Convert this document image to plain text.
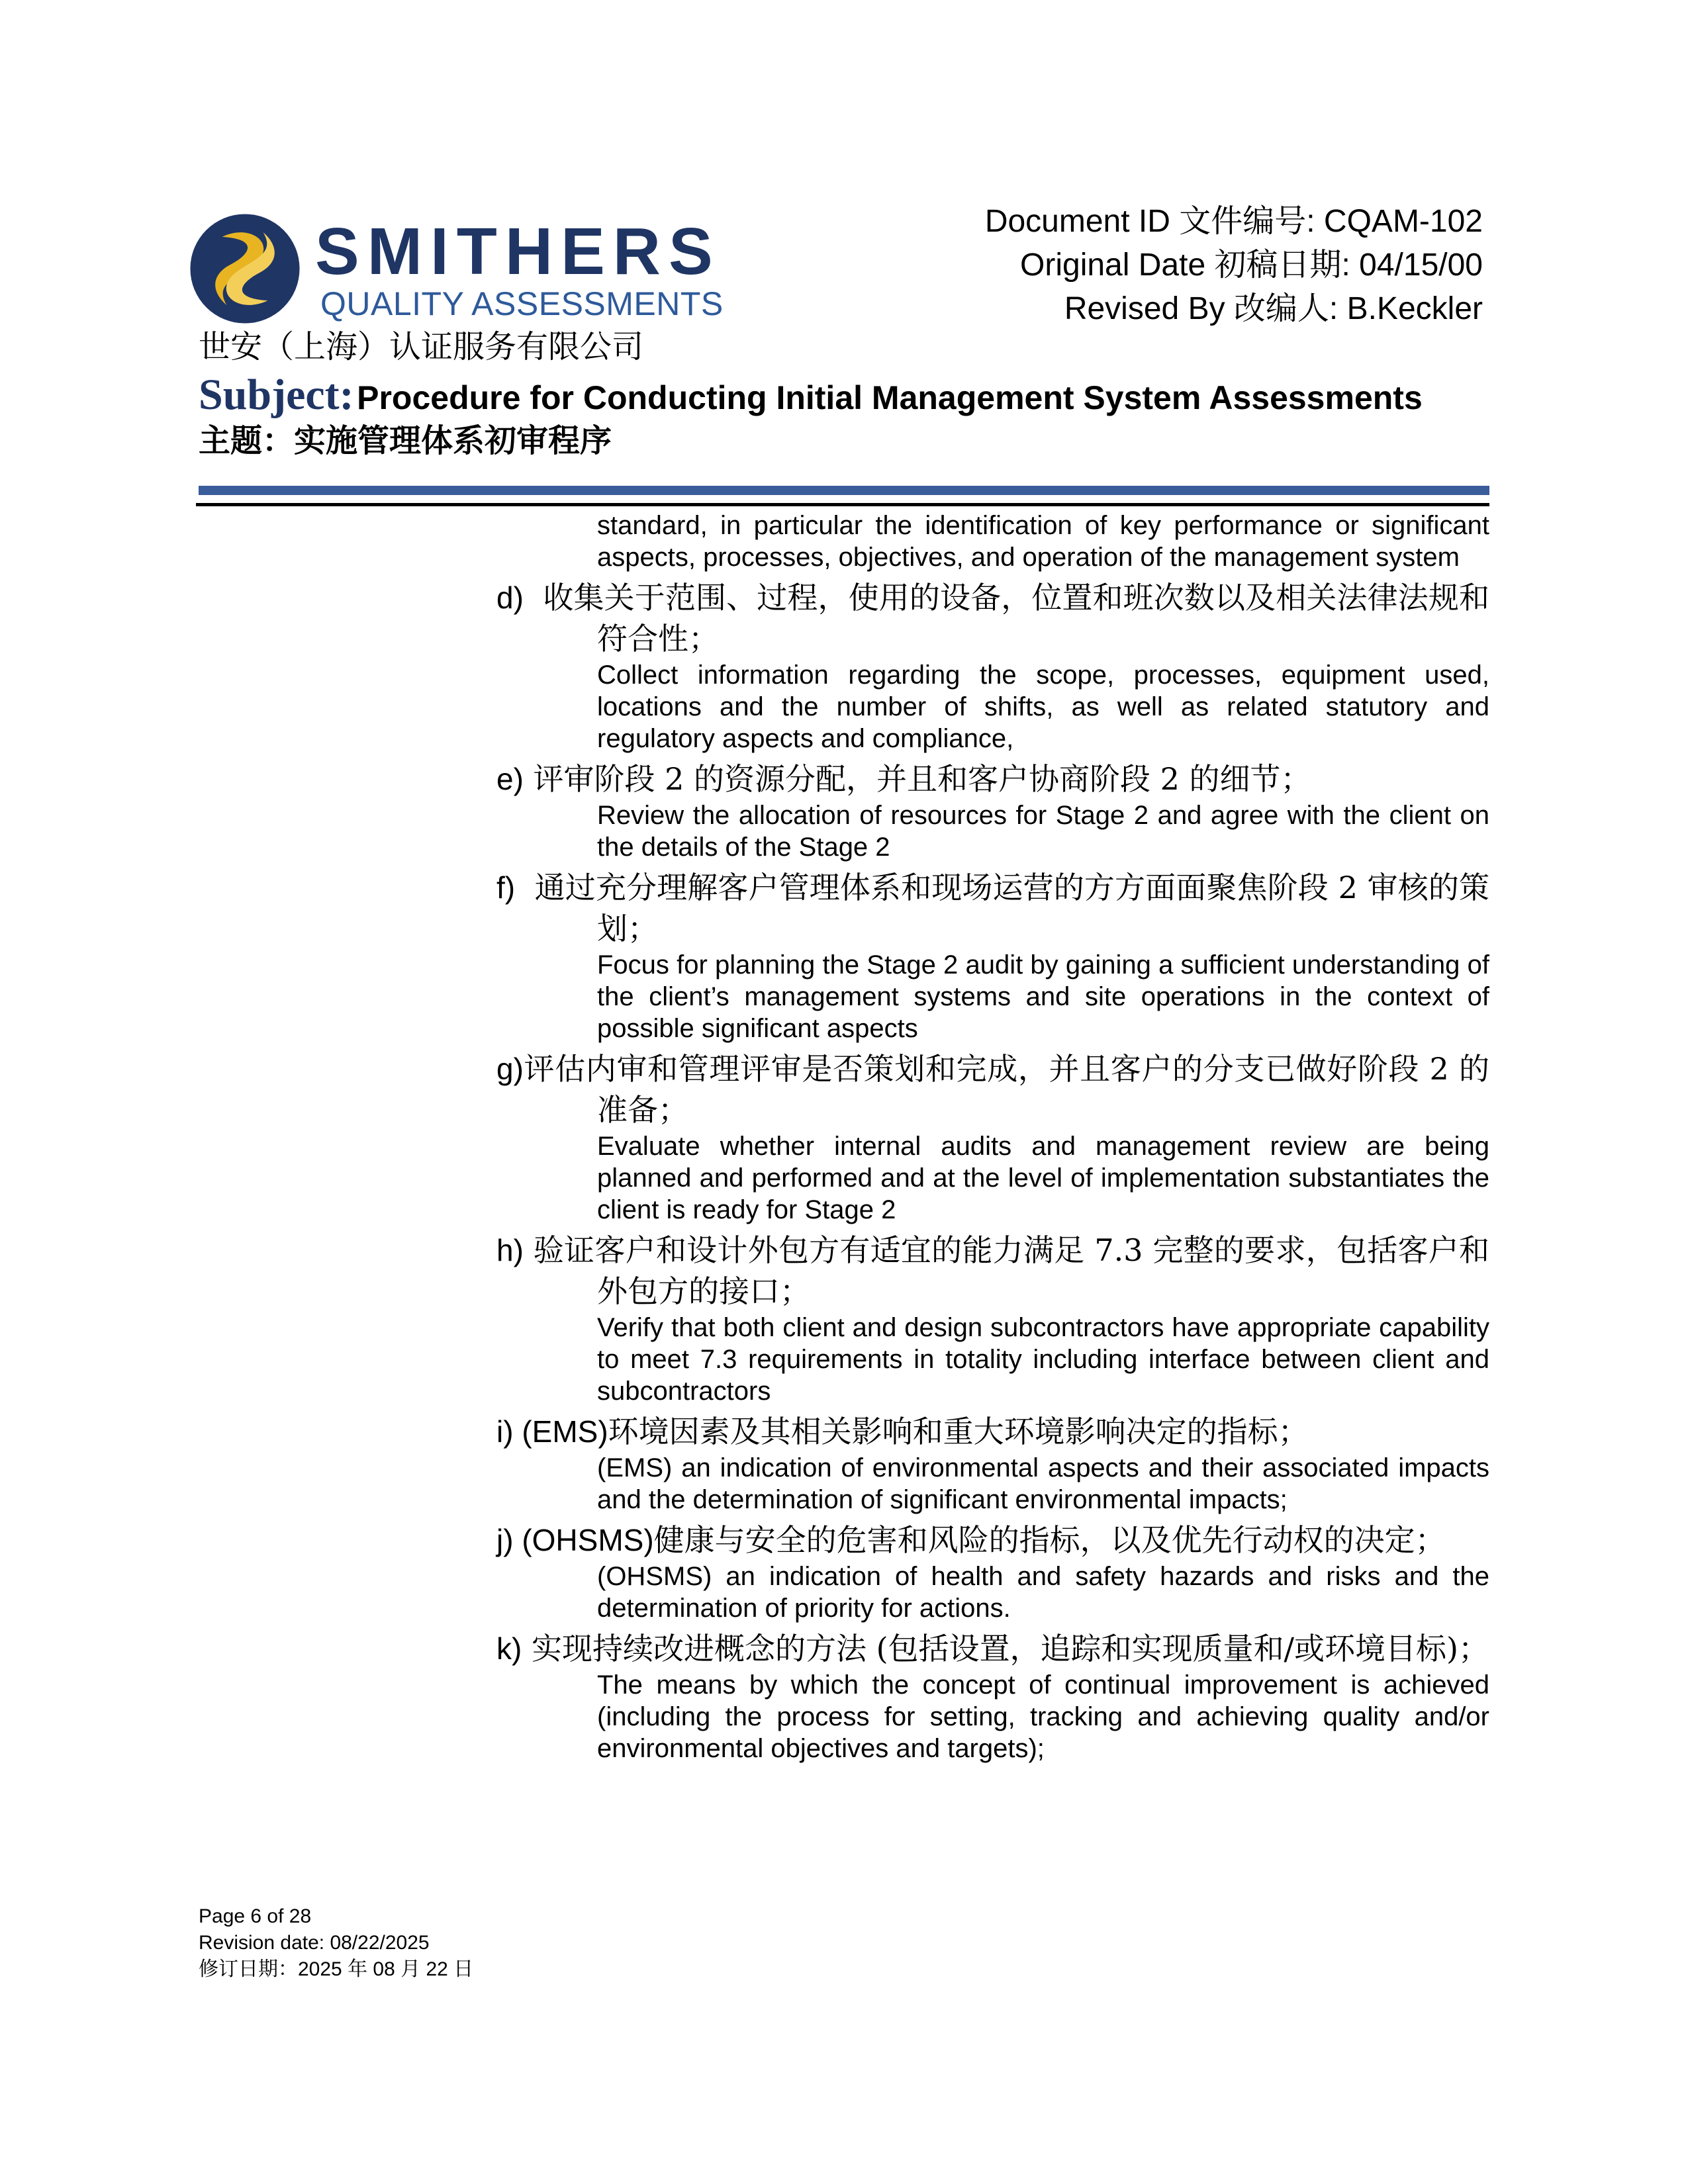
SMITHERS
QUALITY ASSESSMENTS
世安（上海）认证服务有限公司
Document ID 文件编号: CQAM-102
Original Date 初稿日期: 04/15/00
Revised By 改编人: B.Keckler
Subject: Procedure for Conducting Initial Management System Assessments
主题：实施管理体系初审程序
standard, in particular the identification of key performance or significant aspects, processes, objectives, and operation of the management system
d) 收集关于范围、过程，使用的设备，位置和班次数以及相关法律法规和符合性；
Collect information regarding the scope, processes, equipment used, locations and the number of shifts, as well as related statutory and regulatory aspects and compliance,
e) 评审阶段 2 的资源分配，并且和客户协商阶段 2 的细节；
Review the allocation of resources for Stage 2 and agree with the client on the details of the Stage 2
f) 通过充分理解客户管理体系和现场运营的方方面面聚焦阶段 2 审核的策划；
Focus for planning the Stage 2 audit by gaining a sufficient understanding of the client’s management systems and site operations in the context of possible significant aspects
g)评估内审和管理评审是否策划和完成，并且客户的分支已做好阶段 2 的准备；
Evaluate whether internal audits and management review are being planned and performed and at the level of implementation substantiates the client is ready for Stage 2
h) 验证客户和设计外包方有适宜的能力满足 7.3 完整的要求，包括客户和外包方的接口；
Verify that both client and design subcontractors have appropriate capability to meet 7.3 requirements in totality including interface between client and subcontractors
i) (EMS)环境因素及其相关影响和重大环境影响决定的指标；
(EMS) an indication of environmental aspects and their associated impacts and the determination of significant environmental impacts;
j) (OHSMS)健康与安全的危害和风险的指标，以及优先行动权的决定；
(OHSMS) an indication of health and safety hazards and risks and the determination of priority for actions.
k) 实现持续改进概念的方法 (包括设置，追踪和实现质量和/或环境目标)；
The means by which the concept of continual improvement is achieved (including the process for setting, tracking and achieving quality and/or environmental objectives and targets);
Page 6 of 28
Revision date: 08/22/2025
修订日期：2025 年 08 月 22 日
